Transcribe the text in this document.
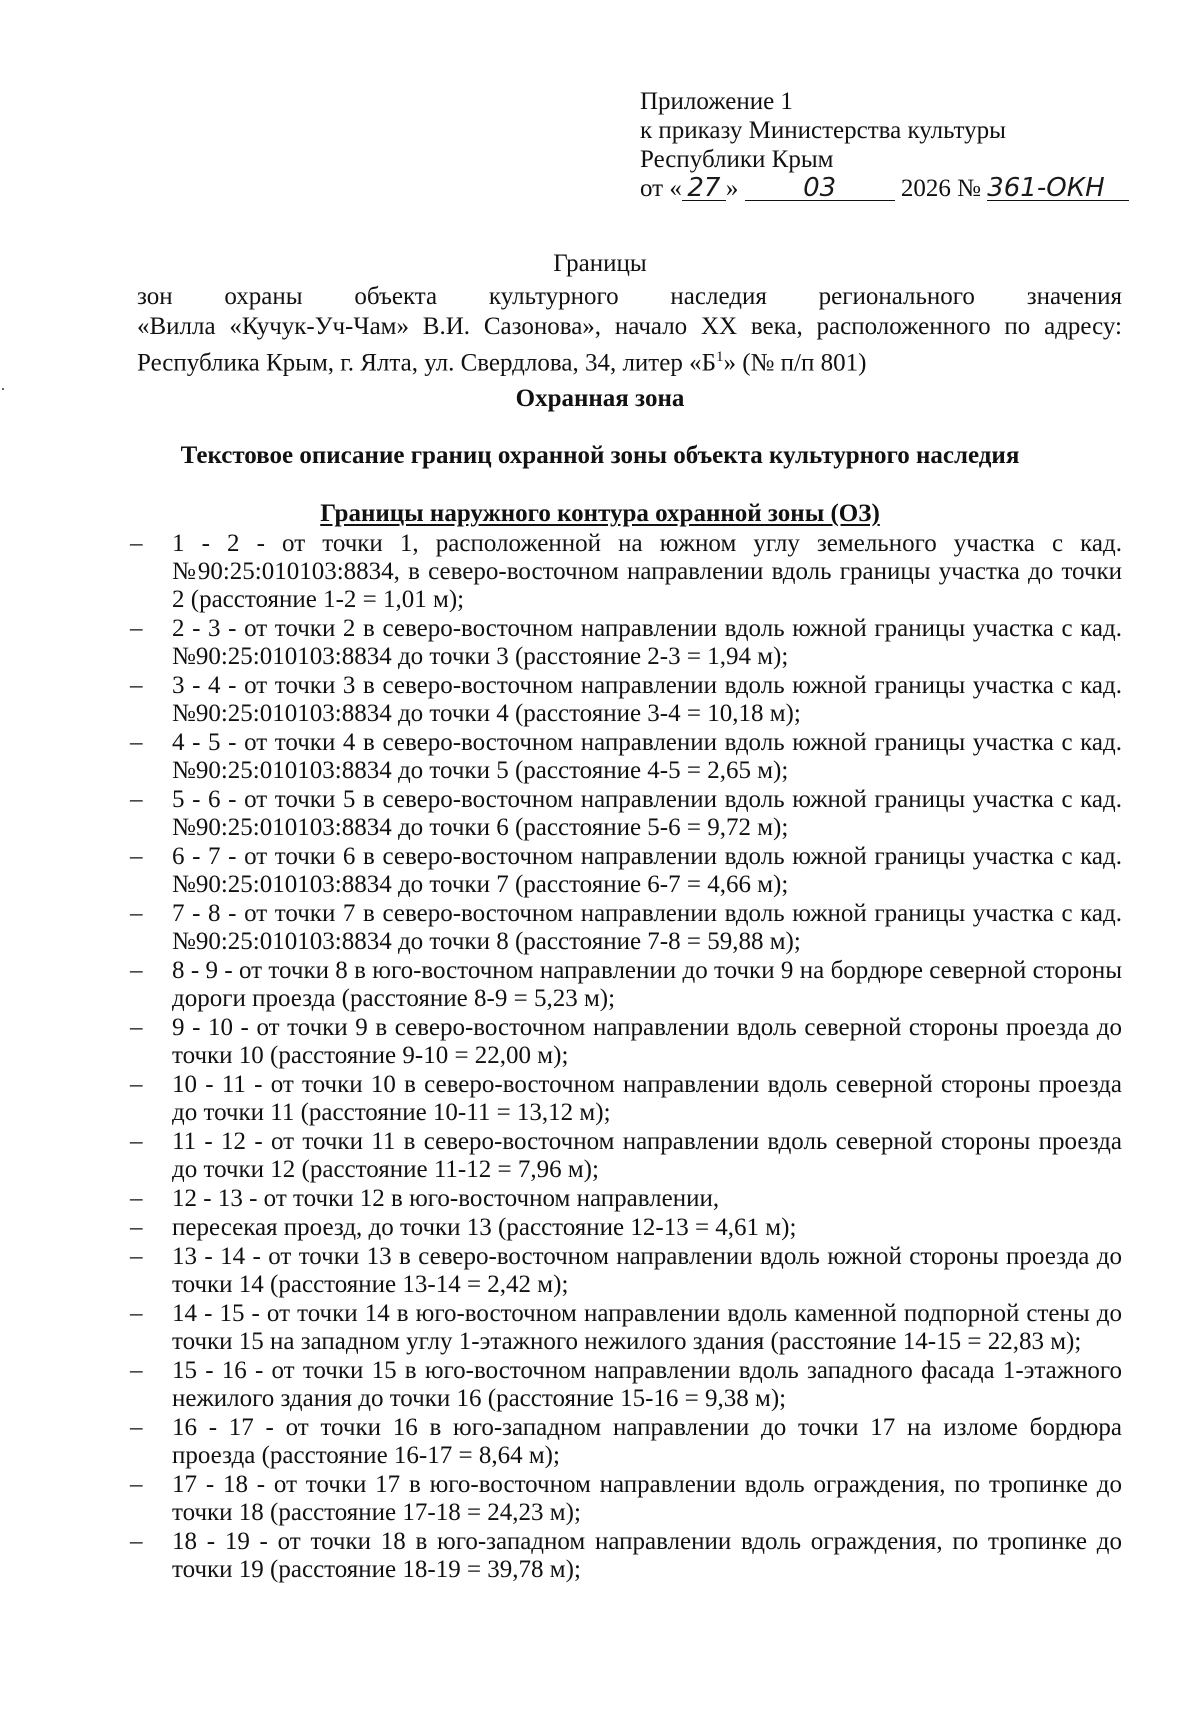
Приложение 1
к приказу Министерства культуры
Республики Крым
от « 27 » 03	2026 № 361-ОКН
Границы
зон охраны объекта культурного наследия регионального значения
«Вилла «Кучук-Уч-Чам» В.И. Сазонова», начало XX века, расположенного по адресу:
Республика Крым, г. Ялта, ул. Свердлова, 34, литер «$Б^1$» (№ п/п 801)
Охранная зона
Текстовое описание границ охранной зоны объекта культурного наследия
Границы наружного контура охранной зоны (ОЗ)
– 1 - 2 - от точки 1, расположенной на южном углу земельного участка с кад. №90:25:010103:8834, в северо-восточном направлении вдоль границы участка до точки 2 (расстояние 1-2 = 1,01 м);
– 2 - 3 - от точки 2 в северо-восточном направлении вдоль южной границы участка с кад. №90:25:010103:8834 до точки 3 (расстояние 2-3 = 1,94 м);
– 3 - 4 - от точки 3 в северо-восточном направлении вдоль южной границы участка с кад. №90:25:010103:8834 до точки 4 (расстояние 3-4 = 10,18 м);
– 4 - 5 - от точки 4 в северо-восточном направлении вдоль южной границы участка с кад. №90:25:010103:8834 до точки 5 (расстояние 4-5 = 2,65 м);
– 5 - 6 - от точки 5 в северо-восточном направлении вдоль южной границы участка с кад. №90:25:010103:8834 до точки 6 (расстояние 5-6 = 9,72 м);
– 6 - 7 - от точки 6 в северо-восточном направлении вдоль южной границы участка с кад. №90:25:010103:8834 до точки 7 (расстояние 6-7 = 4,66 м);
– 7 - 8 - от точки 7 в северо-восточном направлении вдоль южной границы участка с кад. №90:25:010103:8834 до точки 8 (расстояние 7-8 = 59,88 м);
– 8 - 9 - от точки 8 в юго-восточном направлении до точки 9 на бордюре северной стороны дороги проезда (расстояние 8-9 = 5,23 м);
– 9 - 10 - от точки 9 в северо-восточном направлении вдоль северной стороны проезда до точки 10 (расстояние 9-10 = 22,00 м);
– 10 - 11 - от точки 10 в северо-восточном направлении вдоль северной стороны проезда до точки 11 (расстояние 10-11 = 13,12 м);
– 11 - 12 - от точки 11 в северо-восточном направлении вдоль северной стороны проезда до точки 12 (расстояние 11-12 = 7,96 м);
– 12 - 13 - от точки 12 в юго-восточном направлении,
– пересекая проезд, до точки 13 (расстояние 12-13 = 4,61 м);
– 13 - 14 - от точки 13 в северо-восточном направлении вдоль южной стороны проезда до точки 14 (расстояние 13-14 = 2,42 м);
– 14 - 15 - от точки 14 в юго-восточном направлении вдоль каменной подпорной стены до точки 15 на западном углу 1-этажного нежилого здания (расстояние 14-15 = 22,83 м);
– 15 - 16 - от точки 15 в юго-восточном направлении вдоль западного фасада 1-этажного нежилого здания до точки 16 (расстояние 15-16 = 9,38 м);
– 16 - 17 - от точки 16 в юго-западном направлении до точки 17 на изломе бордюра проезда (расстояние 16-17 = 8,64 м);
– 17 - 18 - от точки 17 в юго-восточном направлении вдоль ограждения, по тропинке до точки 18 (расстояние 17-18 = 24,23 м);
– 18 - 19 - от точки 18 в юго-западном направлении вдоль ограждения, по тропинке до точки 19 (расстояние 18-19 = 39,78 м);
